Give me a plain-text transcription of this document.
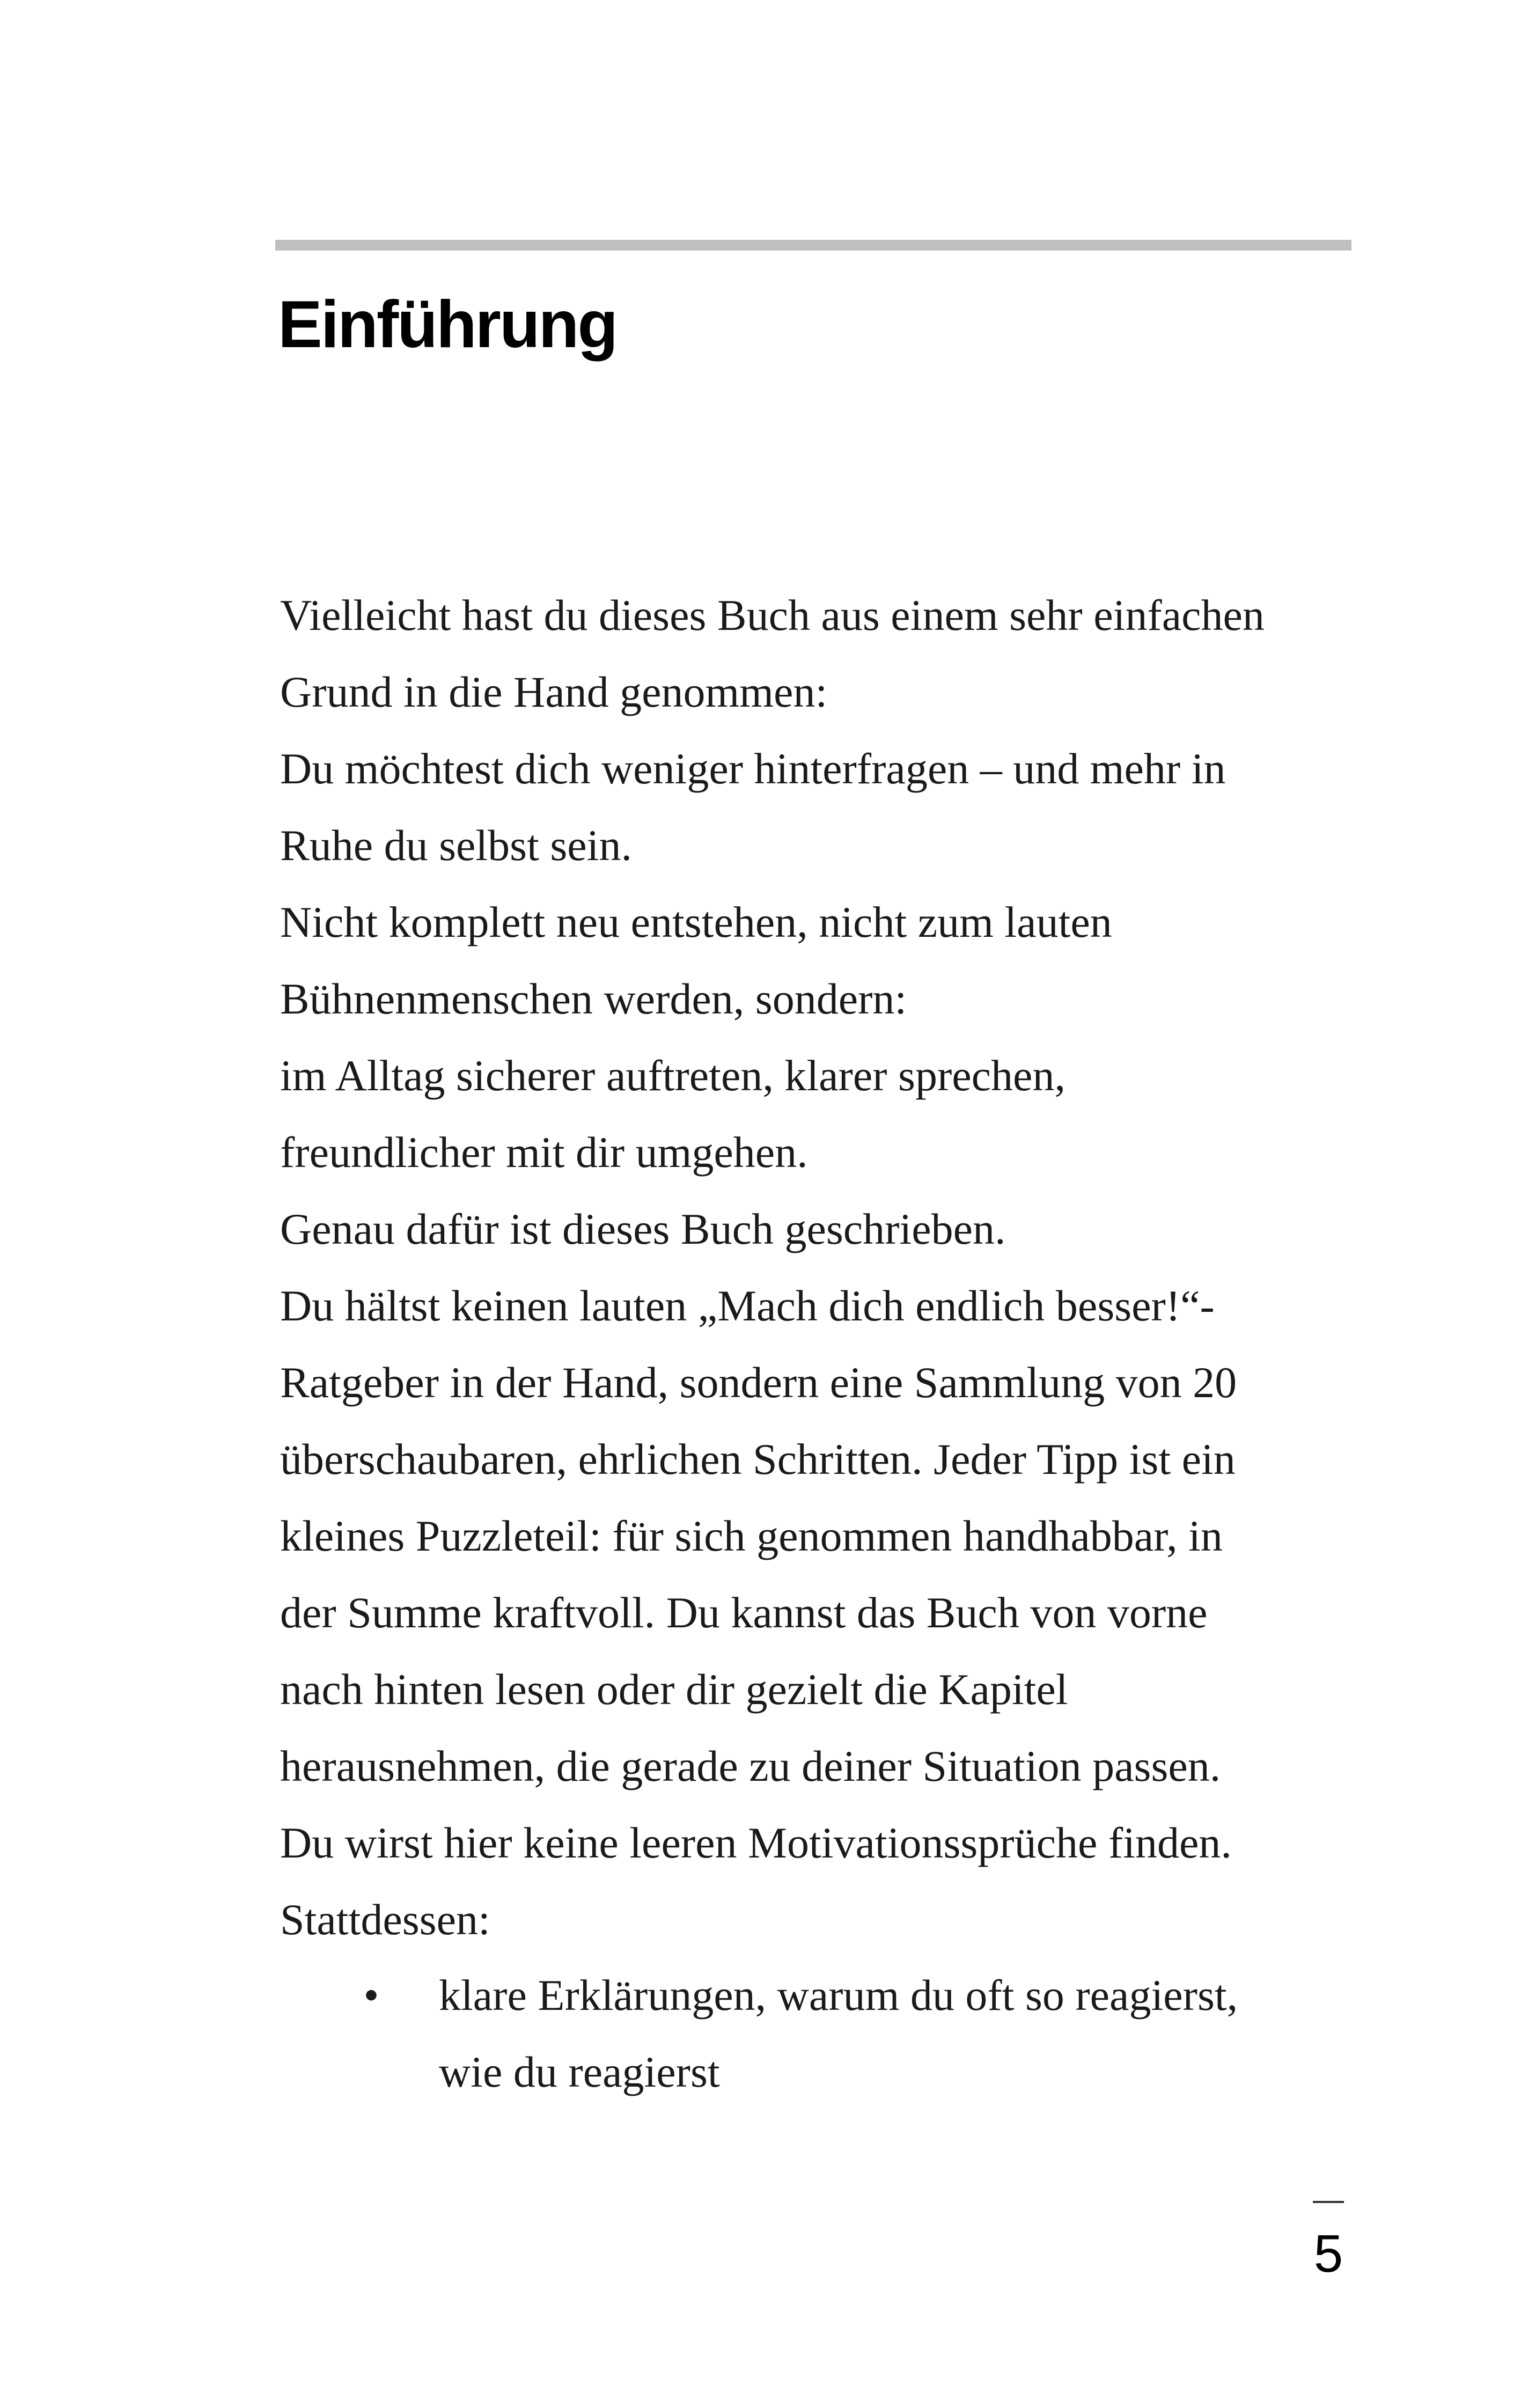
Einführung
Vielleicht hast du dieses Buch aus einem sehr einfachen
Grund in die Hand genommen:
Du möchtest dich weniger hinterfragen – und mehr in
Ruhe du selbst sein.
Nicht komplett neu entstehen, nicht zum lauten
Bühnenmenschen werden, sondern:
im Alltag sicherer auftreten, klarer sprechen,
freundlicher mit dir umgehen.
Genau dafür ist dieses Buch geschrieben.
Du hältst keinen lauten „Mach dich endlich besser!“-
Ratgeber in der Hand, sondern eine Sammlung von 20
überschaubaren, ehrlichen Schritten. Jeder Tipp ist ein
kleines Puzzleteil: für sich genommen handhabbar, in
der Summe kraftvoll. Du kannst das Buch von vorne
nach hinten lesen oder dir gezielt die Kapitel
herausnehmen, die gerade zu deiner Situation passen.
Du wirst hier keine leeren Motivationssprüche finden.
Stattdessen:
• klare Erklärungen, warum du oft so reagierst,
wie du reagierst
5
